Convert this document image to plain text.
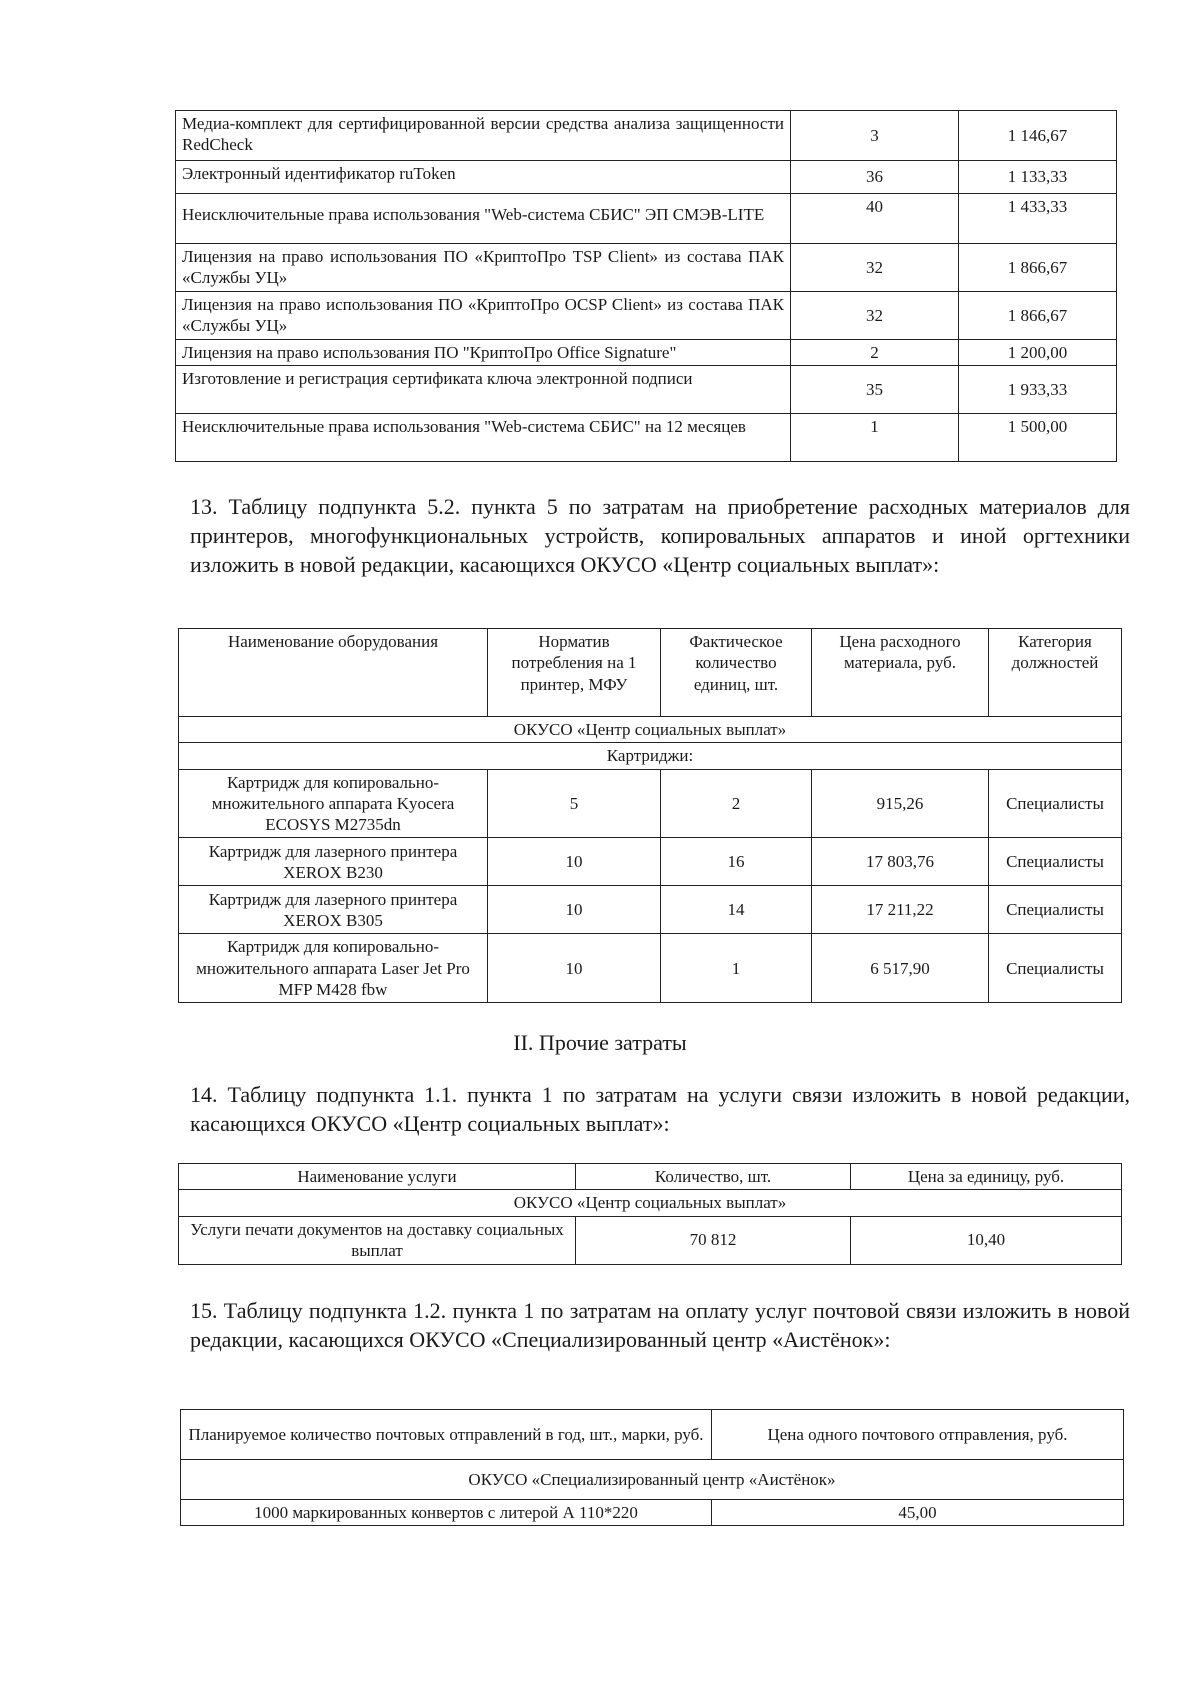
Медиа-комплект для сертифицированной версии средства анализа защищенности RedCheck	3	1 146,67
Электронный идентификатор ruToken	36	1 133,33
Неисключительные права использования "Web-система СБИС" ЭП СМЭВ-LITE	40	1 433,33
Лицензия на право использования ПО «КриптоПро TSP Client» из состава ПАК «Службы УЦ»	32	1 866,67
Лицензия на право использования ПО «КриптоПро OCSP Client» из состава ПАК «Службы УЦ»	32	1 866,67
Лицензия на право использования ПО "КриптоПро Office Signature"	2	1 200,00
Изготовление и регистрация сертификата ключа электронной подписи	35	1 933,33
Неисключительные права использования "Web-система СБИС" на 12 месяцев	1	1 500,00

13. Таблицу подпункта 5.2. пункта 5 по затратам на приобретение расходных материалов для принтеров, многофункциональных устройств, копировальных аппаратов и иной оргтехники изложить в новой редакции, касающихся ОКУСО «Центр социальных выплат»:

Наименование оборудования	Норматив потребления на 1 принтер, МФУ	Фактическое количество единиц, шт.	Цена расходного материала, руб.	Категория должностей
ОКУСО «Центр социальных выплат»				
Картриджи:				
Картридж для копировально-множительного аппарата Kyocera ECOSYS M2735dn	5	2	915,26	Специалисты
Картридж для лазерного принтера XEROX B230	10	16	17 803,76	Специалисты
Картридж для лазерного принтера XEROX B305	10	14	17 211,22	Специалисты
Картридж для копировально-множительного аппарата Laser Jet Pro MFP M428 fbw	10	1	6 517,90	Специалисты
II. Прочие затраты

14. Таблицу подпункта 1.1. пункта 1 по затратам на услуги связи изложить в новой редакции, касающихся ОКУСО «Центр социальных выплат»:

Наименование услуги	Количество, шт.	Цена за единицу, руб.
ОКУСО «Центр социальных выплат»		
Услуги печати документов на доставку социальных выплат	70 812	10,40

15. Таблицу подпункта 1.2. пункта 1 по затратам на оплату услуг почтовой связи изложить в новой редакции, касающихся ОКУСО «Специализированный центр «Аистёнок»:

Планируемое количество почтовых отправлений в год, шт., марки, руб.	Цена одного почтового отправления, руб.
ОКУСО «Специализированный центр «Аистёнок»	
1000 маркированных конвертов с литерой А 110*220	45,00
